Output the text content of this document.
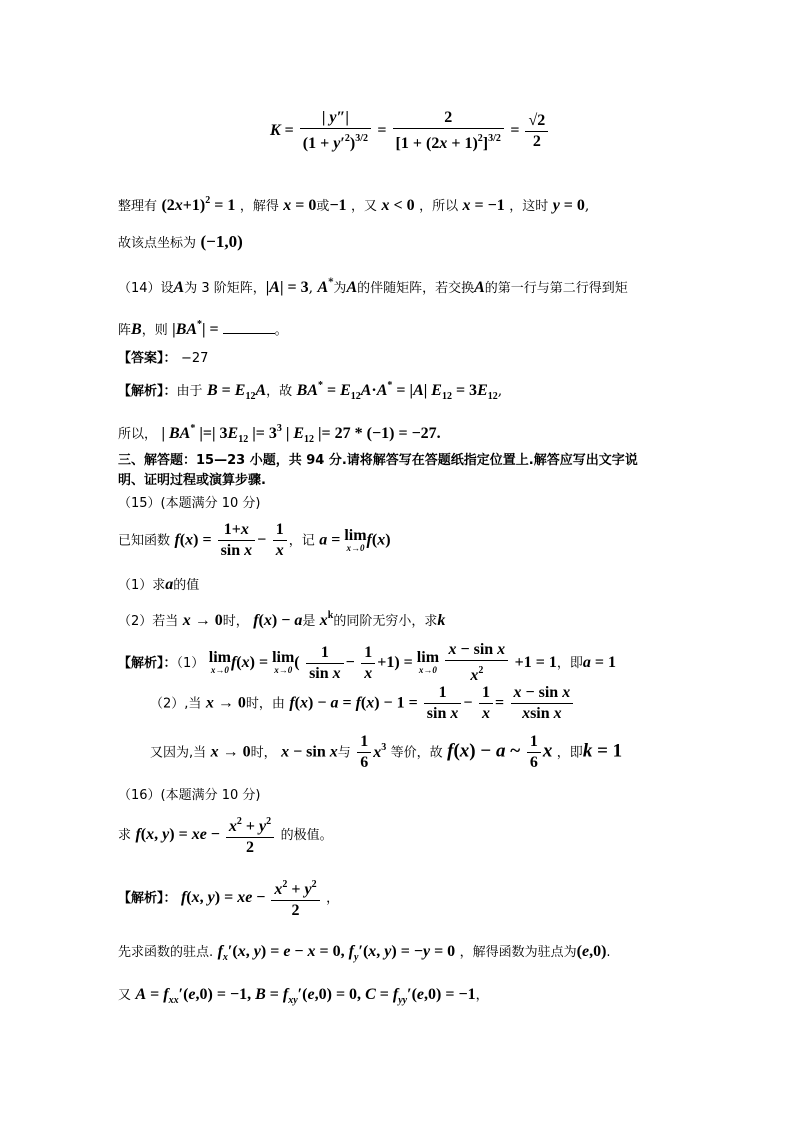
$K = \frac{| y''|}{(1 + y'^2)^{3/2}} = \frac{2}{[1 + (2x + 1)^2]^{3/2}} = \frac{√2}{2}$
整理有 $(2x+1)^2 = 1$ ，解得 x = 0或−1 ，又 x < 0 ，所以 x = −1 ，这时 y = 0,
故该点坐标为 (−1,0)
（14）设A为 3 阶矩阵，|A| = 3, A*为A的伴随矩阵，若交换A的第一行与第二行得到矩
阵B，则 |BA*| =	。
【答案】： −27
【解析】：由于 $B = E_{12}A$，故 $BA^* = E_{12}A\cdot A^* = |A|$ $E_{12} = 3E_{12}$,
所以， | BA* |=| $3E_{12}$ |= $3^3$ | $E_{12}$ |= 27 * (−1) = −27.
三、解答题：15—23 小题，共 94 分.请将解答写在答题纸指定位置上.解答应写出文字说
明、证明过程或演算步骤.
（15）(本题满分 10 分)
已知函数 $f(x) = \frac{1+x}{\text{sin x}} - \frac{1}{x}$ ，记 a = lim
x→0 f(x)
（1）求a的值
（2）若当 x → 0时， f(x) − a是 $x^k$的同阶无穷小，求k
【解析】：（1） lim
x→0 f(x) = lim
x→0 ( $\frac{1}{\text{sin x}} - \frac{1}{x} +1) = \lim$
x→0
$\frac{\text{x − sin x}}{x^2} +1 = 1$，即a = 1
（2）,当 x → 0时，由 $f(x) - a = f(x) - 1 = \frac{1}{\text{sin x}} - \frac{1}{x} = \frac{\text{x − sin x}}{\text{xsin x}}$
又因为,当 x → 0时， x − sin x与 $\frac{1}{6} x^3$ 等价，故 f(x) − a ~ $\frac{1}{6}$ x ，即k = 1
（16）(本题满分 10 分)
求 f(x, y) = xe − $\frac{x^2 + y^2}{2}$ 的极值。
【解析】： f(x, y) = xe − $\frac{x^2 + y^2}{2}$ ，
先求函数的驻点. $f_x'(x$, y) = e − x = 0, $f_y'(x$, y) = −y = 0 ，解得函数为驻点为(e,0).
又 $A = f_{xx}'(e,0) = -1$, $B = f_{xy}'(e,0) = 0$, $C = f_{yy}'(e,0) = -1$，
